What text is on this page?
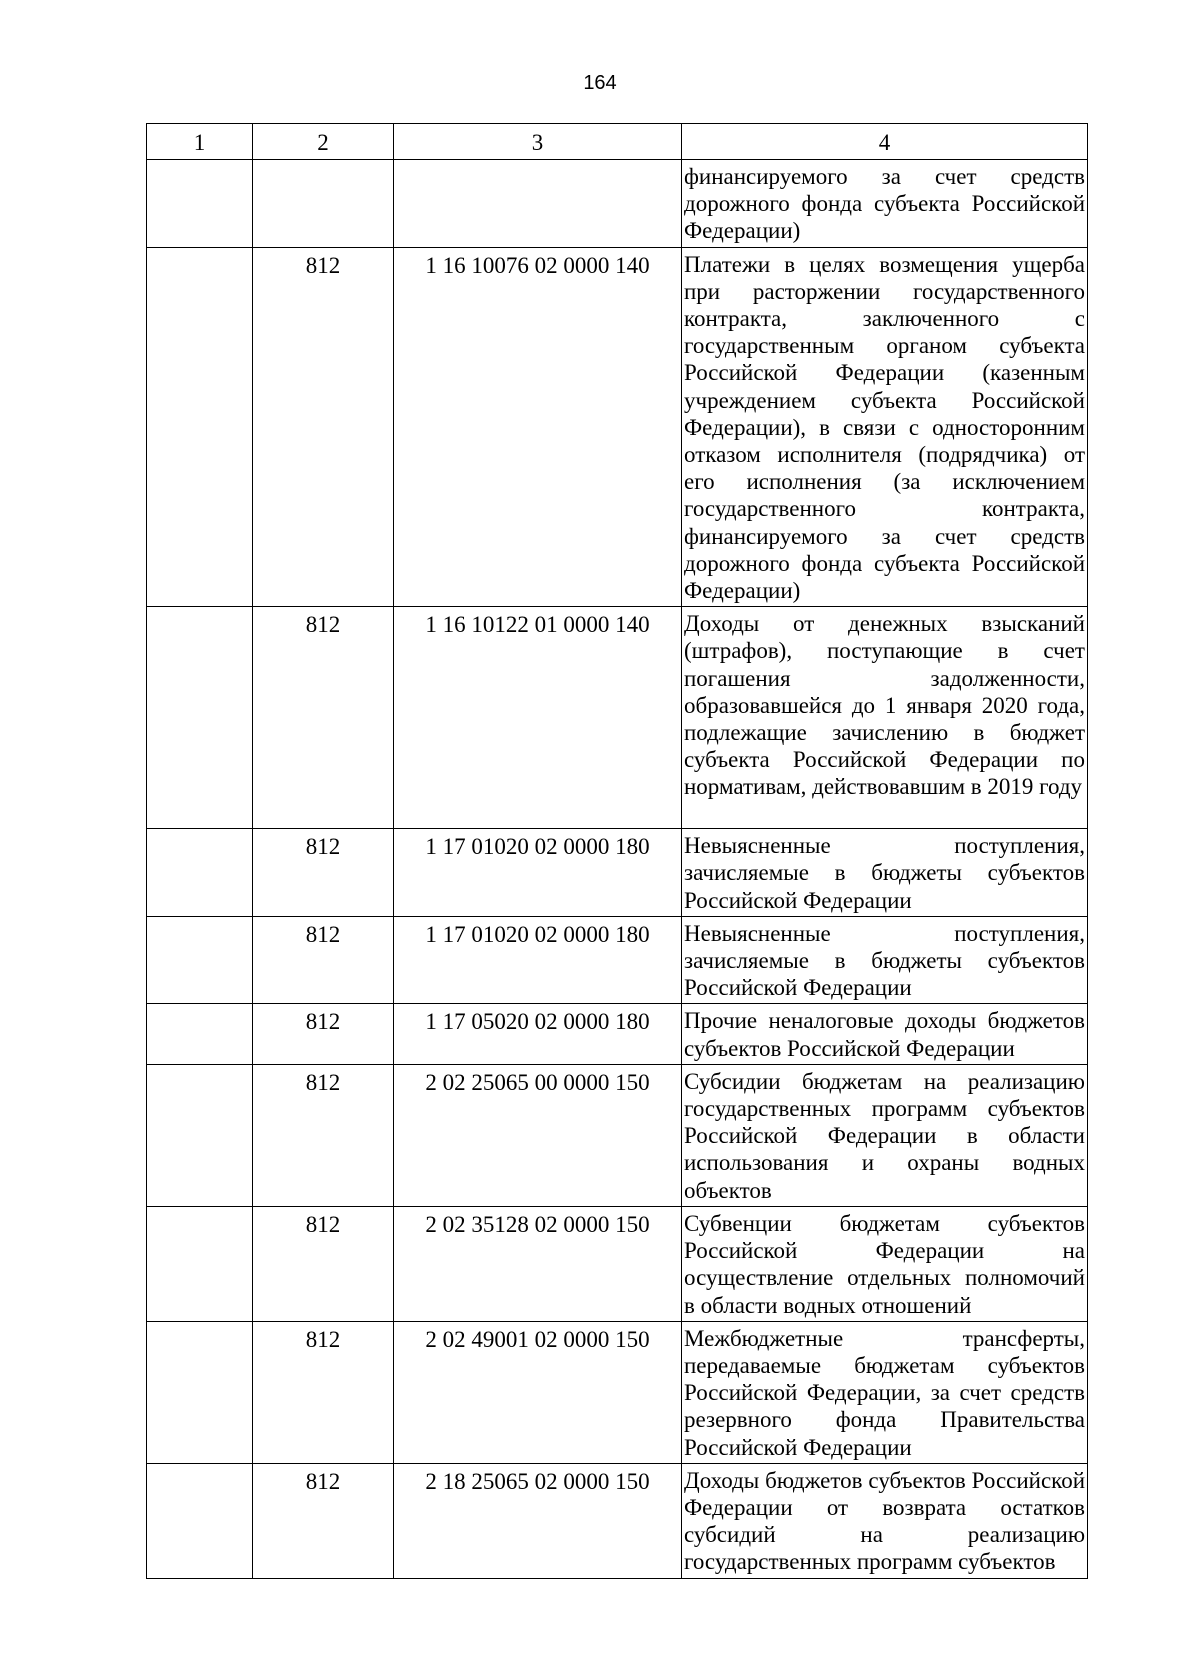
164
1	2	3	4
			финансируемого за счет средств дорожного фонда субъекта Российской Федерации)
	812	1 16 10076 02 0000 140	Платежи в целях возмещения ущерба при расторжении государственного контракта, заключенного с государственным органом субъекта Российской Федерации (казенным учреждением субъекта Российской Федерации), в связи с односторонним отказом исполнителя (подрядчика) от его исполнения (за исключением государственного контракта, финансируемого за счет средств дорожного фонда субъекта Российской Федерации)
	812	1 16 10122 01 0000 140	Доходы от денежных взысканий (штрафов), поступающие в счет погашения задолженности, образовавшейся до 1 января 2020 года, подлежащие зачислению в бюджет субъекта Российской Федерации по нормативам, действовавшим в 2019 году
	812	1 17 01020 02 0000 180	Невыясненные поступления, зачисляемые в бюджеты субъектов Российской Федерации
	812	1 17 01020 02 0000 180	Невыясненные поступления, зачисляемые в бюджеты субъектов Российской Федерации
	812	1 17 05020 02 0000 180	Прочие неналоговые доходы бюджетов субъектов Российской Федерации
	812	2 02 25065 00 0000 150	Субсидии бюджетам на реализацию государственных программ субъектов Российской Федерации в области использования и охраны водных объектов
	812	2 02 35128 02 0000 150	Субвенции бюджетам субъектов Российской Федерации на осуществление отдельных полномочий в области водных отношений
	812	2 02 49001 02 0000 150	Межбюджетные трансферты, передаваемые бюджетам субъектов Российской Федерации, за счет средств резервного фонда Правительства Российской Федерации
	812	2 18 25065 02 0000 150	Доходы бюджетов субъектов Российской Федерации от возврата остатков субсидий на реализацию государственных программ субъектов
